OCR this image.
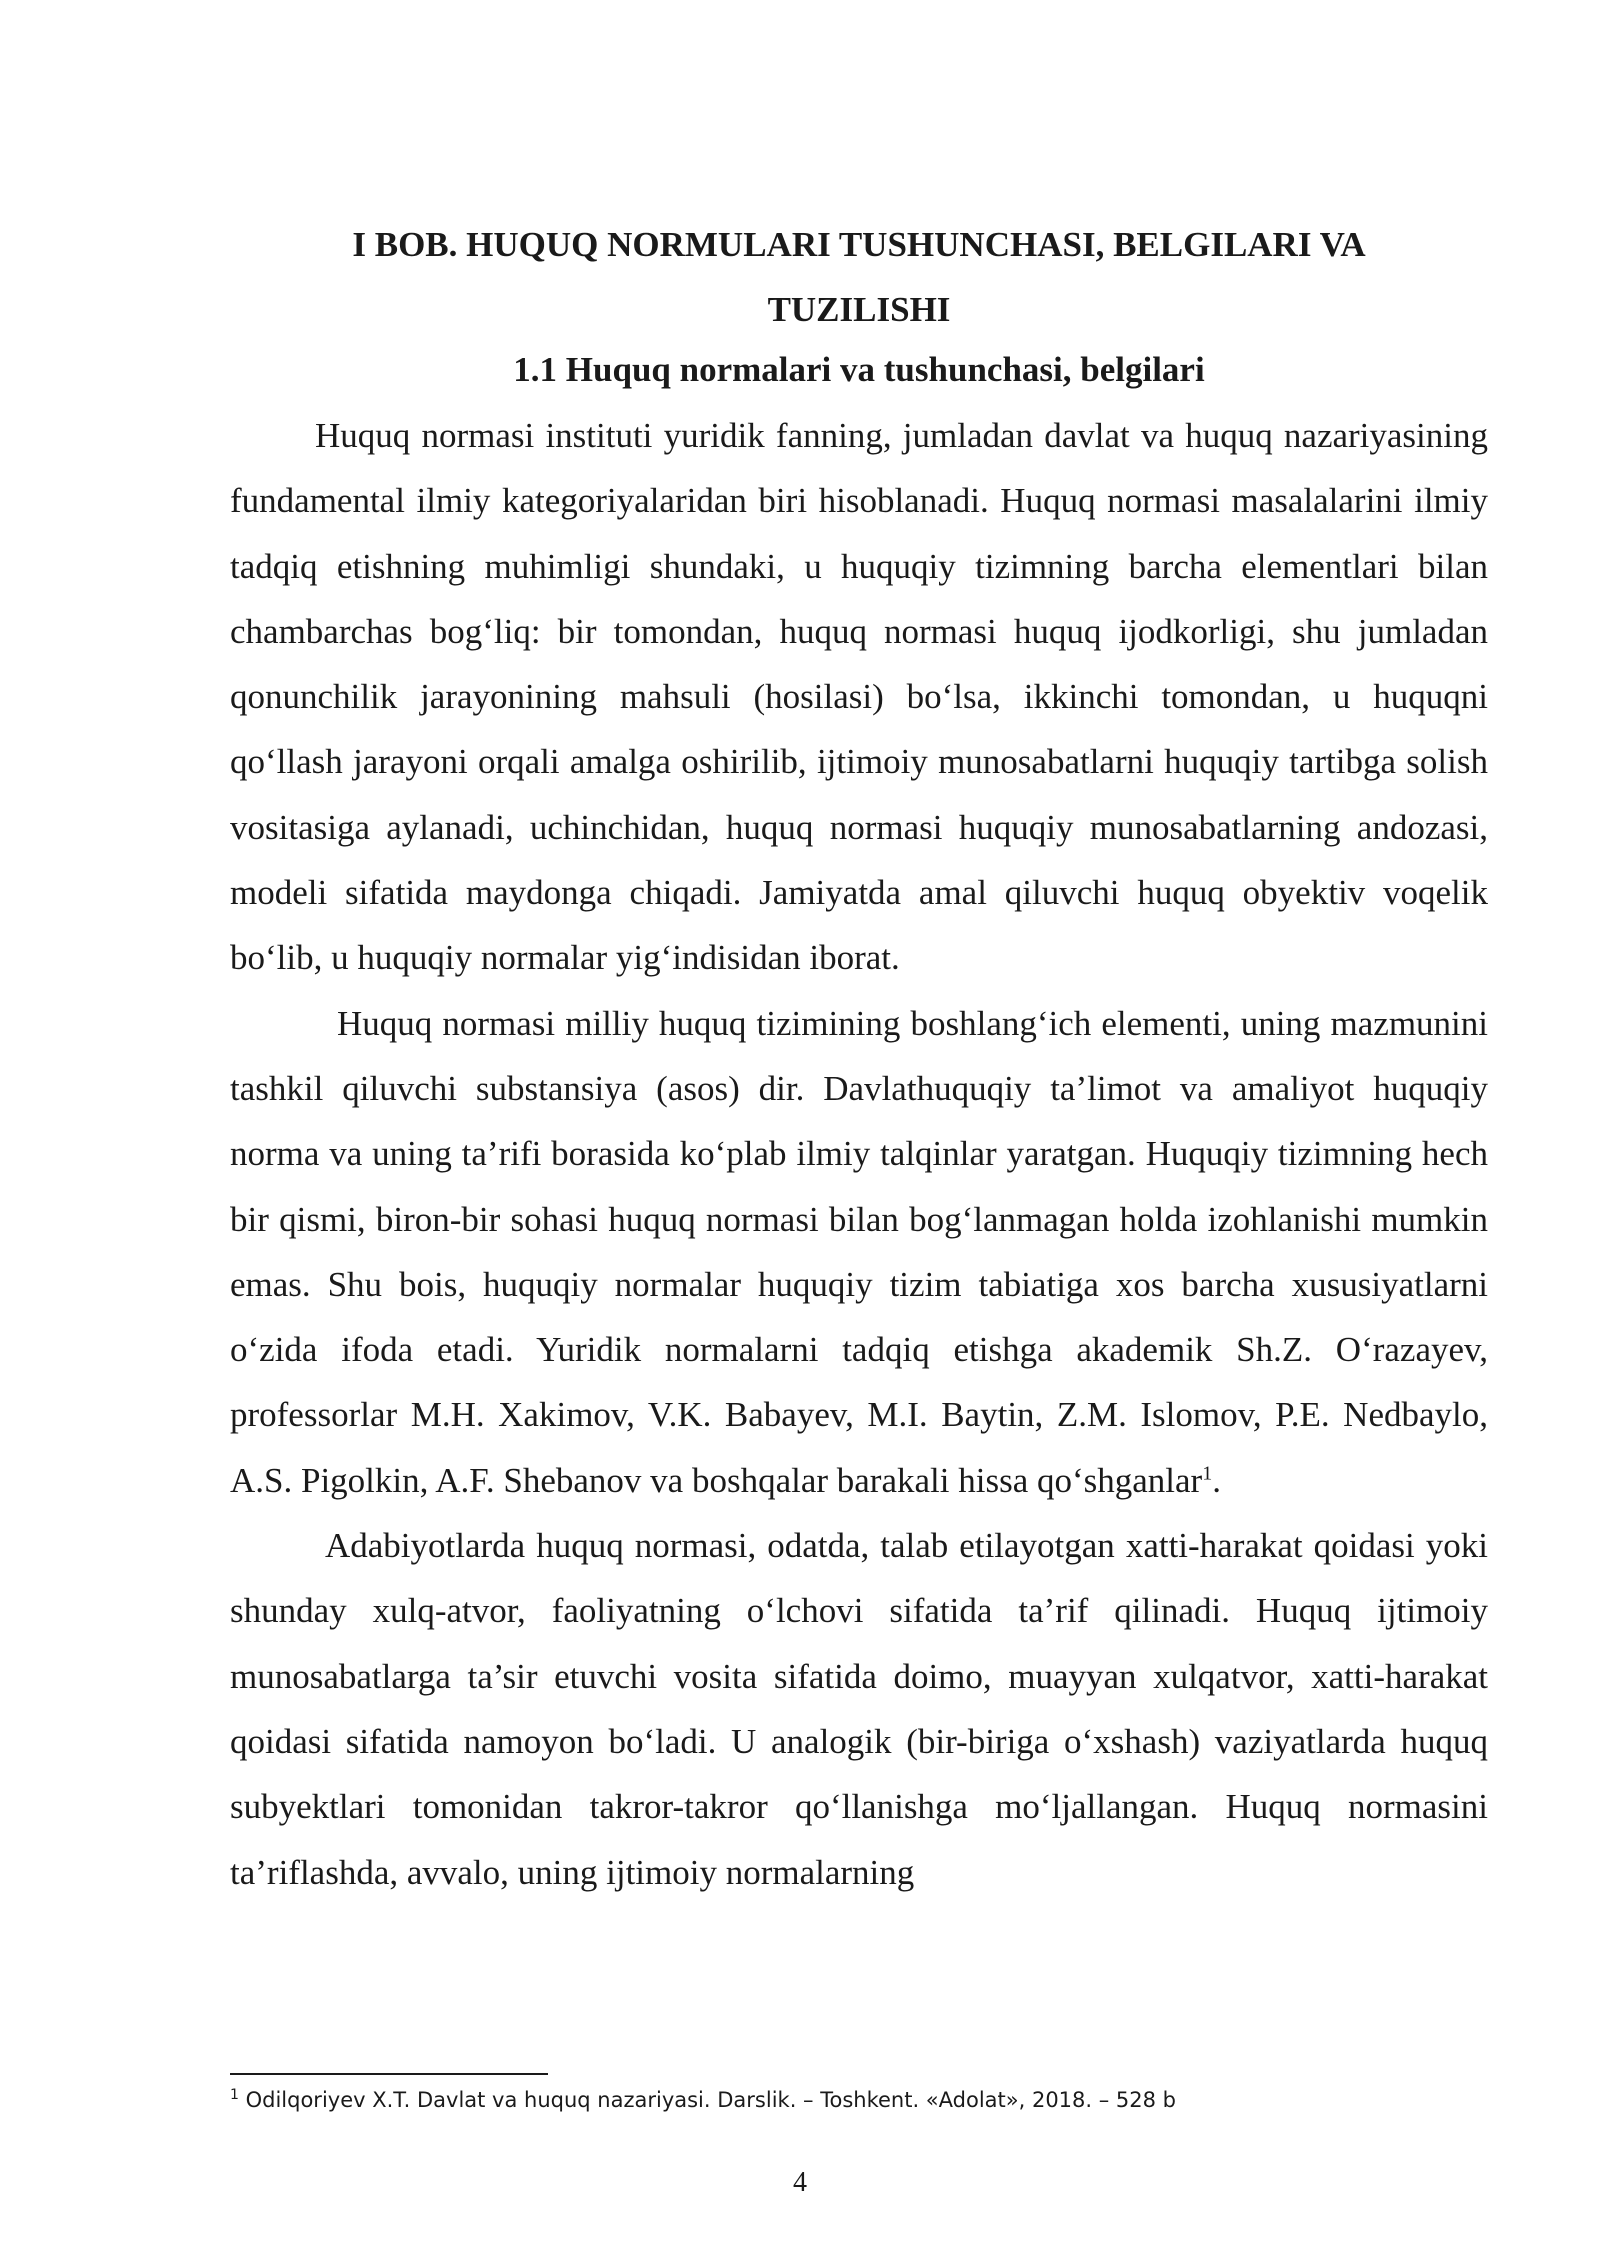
I BOB. HUQUQ NORMULARI TUSHUNCHASI, BELGILARI VA
TUZILISHI
1.1 Huquq normalari va tushunchasi, belgilari

Huquq normasi instituti yuridik fanning, jumladan davlat va huquq nazariyasining fundamental ilmiy kategoriyalaridan biri hisoblanadi. Huquq normasi masalalarini ilmiy tadqiq etishning muhimligi shundaki, u huquqiy tizimning barcha elementlari bilan chambarchas bog‘liq: bir tomondan, huquq normasi huquq ijodkorligi, shu jumladan qonunchilik jarayonining mahsuli (hosilasi) bo‘lsa, ikkinchi tomondan, u huquqni qo‘llash jarayoni orqali amalga oshirilib, ijtimoiy munosabatlarni huquqiy tartibga solish vositasiga aylanadi, uchinchidan, huquq normasi huquqiy munosabatlarning andozasi, modeli sifatida maydonga chiqadi. Jamiyatda amal qiluvchi huquq obyektiv voqelik bo‘lib, u huquqiy normalar yig‘indisidan iborat.

Huquq normasi milliy huquq tizimining boshlang‘ich elementi, uning mazmunini tashkil qiluvchi substansiya (asos) dir. Davlathuquqiy ta’limot va amaliyot huquqiy norma va uning ta’rifi borasida ko‘plab ilmiy talqinlar yaratgan. Huquqiy tizimning hech bir qismi, biron-bir sohasi huquq normasi bilan bog‘lanmagan holda izohlanishi mumkin emas. Shu bois, huquqiy normalar huquqiy tizim tabiatiga xos barcha xususiyatlarni o‘zida ifoda etadi. Yuridik normalarni tadqiq etishga akademik Sh.Z. O‘razayev, professorlar M.H. Xakimov, V.K. Babayev, M.I. Baytin, Z.M. Islomov, P.E. Nedbaylo, A.S. Pigolkin, A.F. Shebanov va boshqalar barakali hissa qo‘shganlar$^1$.

Adabiyotlarda huquq normasi, odatda, talab etilayotgan xatti-harakat qoidasi yoki shunday xulq-atvor, faoliyatning o‘lchovi sifatida ta’rif qilinadi. Huquq ijtimoiy munosabatlarga ta’sir etuvchi vosita sifatida doimo, muayyan xulqatvor, xatti-harakat qoidasi sifatida namoyon bo‘ladi. U analogik (bir-biriga o‘xshash) vaziyatlarda huquq subyektlari tomonidan takror-takror qo‘llanishga mo‘ljallangan. Huquq normasini ta’riflashda, avvalo, uning ijtimoiy normalarning

$^1$ Odilqoriyev X.T. Davlat va huquq nazariyasi. Darslik. – Toshkent. «Adolat», 2018. – 528 b
4
